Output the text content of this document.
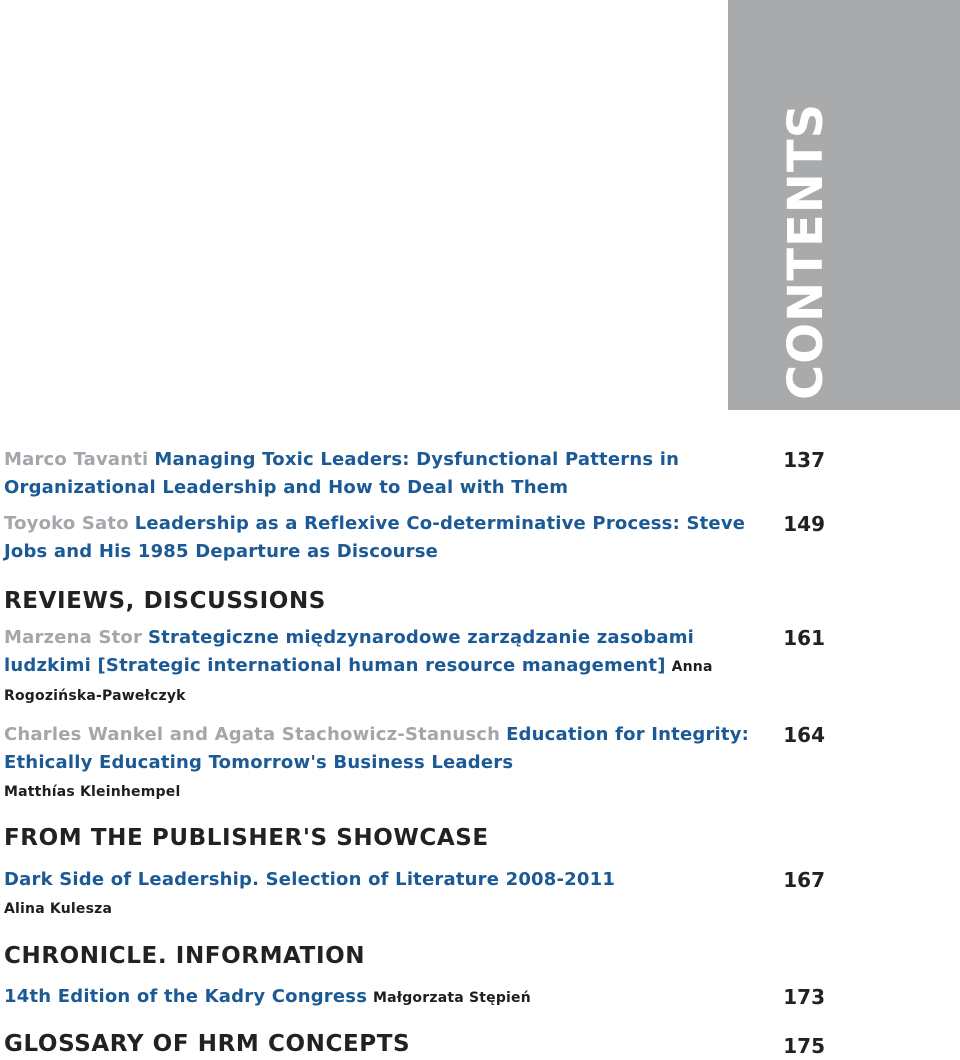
CONTENTS
Marco Tavanti Managing Toxic Leaders: Dysfunctional Patterns in Organizational Leadership and How to Deal with Them
137
Toyoko Sato Leadership as a Reflexive Co-determinative Process: Steve Jobs and His 1985 Departure as Discourse
149
REVIEWS, DISCUSSIONS
Marzena Stor Strategiczne międzynarodowe zarządzanie zasobami ludzkimi [Strategic international human resource management] Anna Rogozińska-Pawełczyk
161
Charles Wankel and Agata Stachowicz-Stanusch Education for Integrity: Ethically Educating Tomorrow's Business Leaders
Matthías Kleinhempel
164
FROM THE PUBLISHER'S SHOWCASE
Dark Side of Leadership. Selection of Literature 2008-2011
Alina Kulesza
167
CHRONICLE. INFORMATION
14th Edition of the Kadry Congress Małgorzata Stępień	173
GLOSSARY OF HRM CONCEPTS	175
